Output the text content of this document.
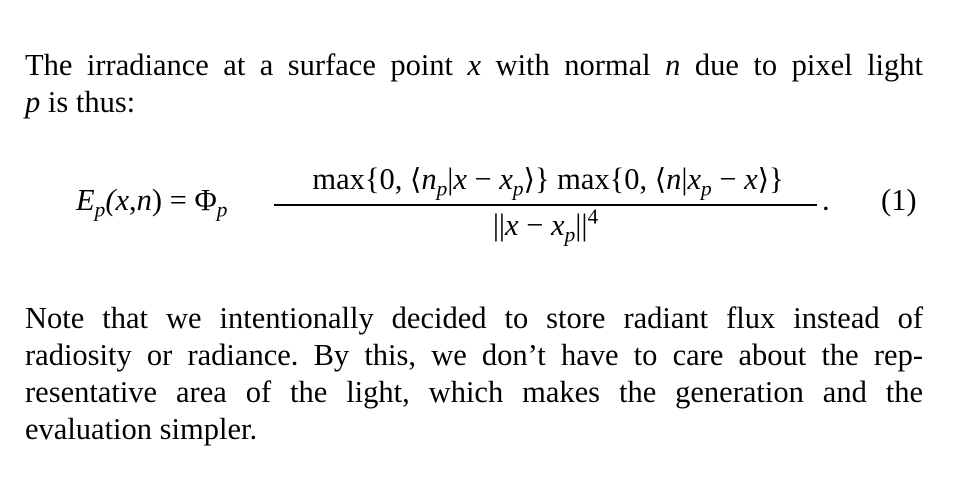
The irradiance at a surface point x with normal n due to pixel light
p is thus:

$E_p(x,n) = \Phi_p$
max{0, $⟨n_p|x$ − $x_p⟩$} max{0, $⟨n|x_p$ − x⟩}
$||x - x_p||^4$	. (1)

Note that we intentionally decided to store radiant flux instead of
radiosity or radiance. By this, we don’t have to care about the rep-
resentative area of the light, which makes the generation and the
evaluation simpler.
